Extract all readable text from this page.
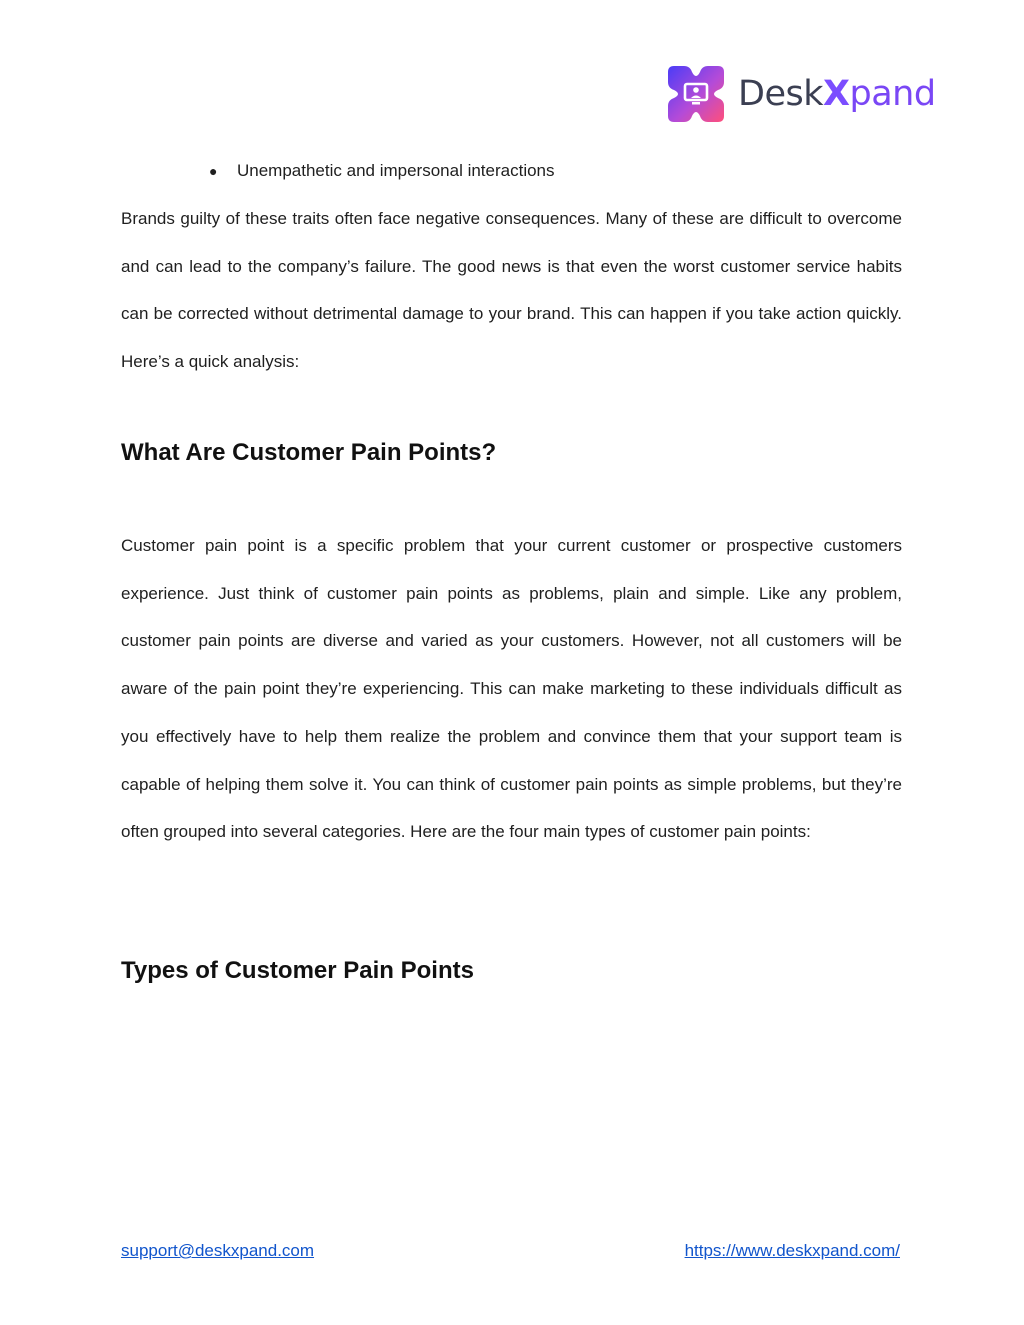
DeskXpand
● Unempathetic and impersonal interactions

Brands guilty of these traits often face negative consequences. Many of these are difficult to overcome and can lead to the company’s failure. The good news is that even the worst customer service habits can be corrected without detrimental damage to your brand. This can happen if you take action quickly. Here’s a quick analysis:

What Are Customer Pain Points?

Customer pain point is a specific problem that your current customer or prospective customers experience. Just think of customer pain points as problems, plain and simple. Like any problem, customer pain points are diverse and varied as your customers. However, not all customers will be aware of the pain point they’re experiencing. This can make marketing to these individuals difficult as you effectively have to help them realize the problem and convince them that your support team is capable of helping them solve it. You can think of customer pain points as simple problems, but they’re often grouped into several categories. Here are the four main types of customer pain points:

Types of Customer Pain Points
support@deskxpand.com	https://www.deskxpand.com/
